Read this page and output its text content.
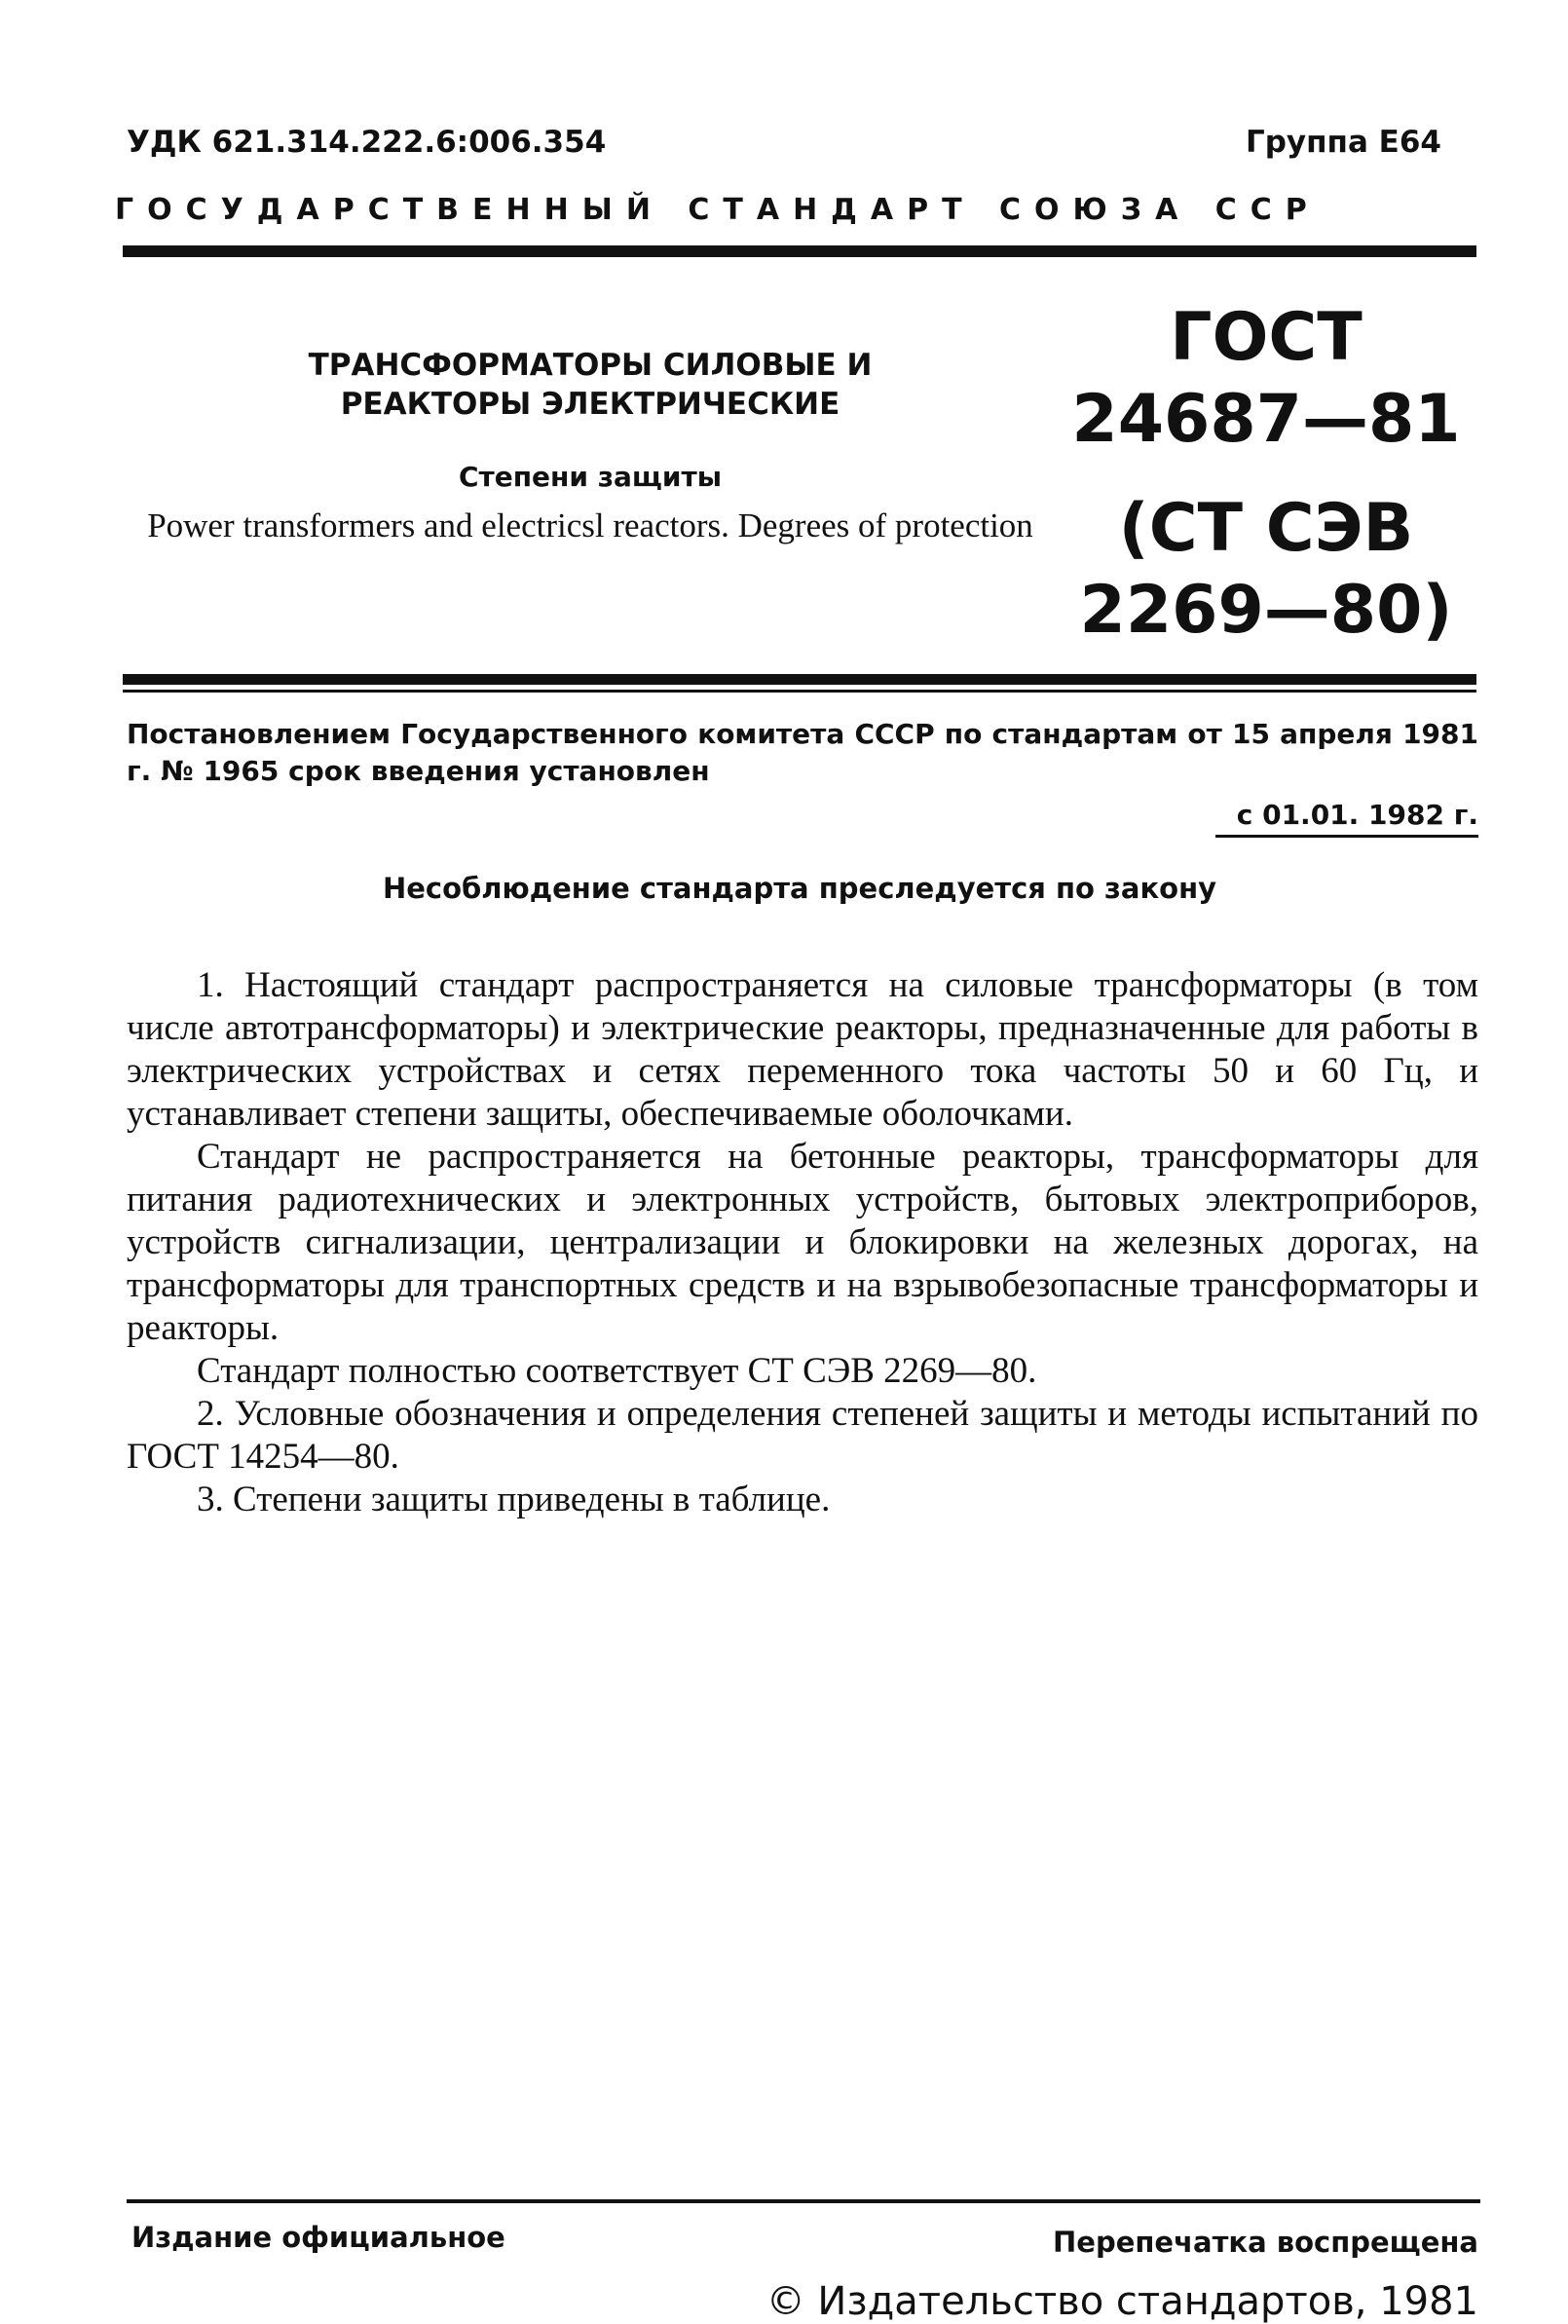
УДК 621.314.222.6:006.354	Группа Е64
ГОСУДАРСТВЕННЫЙ СТАНДАРТ СОЮЗА ССР
ТРАНСФОРМАТОРЫ СИЛОВЫЕ И
РЕАКТОРЫ ЭЛЕКТРИЧЕСКИЕ
Степени защиты
Power transformers and electricsl reactors. Degrees of protection
ГОСТ
24687—81
(СТ СЭВ
2269—80)
Постановлением Государственного комитета СССР по стандартам от 15 апреля 1981 г. № 1965 срок введения установлен
с 01.01. 1982 г.
Несоблюдение стандарта преследуется по закону

1. Настоящий стандарт распространяется на силовые трансформаторы (в том числе автотрансформаторы) и электрические реакторы, предназначенные для работы в электрических устройствах и сетях переменного тока частоты 50 и 60 Гц, и устанавливает степени защиты, обеспечиваемые оболочками.

Стандарт не распространяется на бетонные реакторы, трансформаторы для питания радиотехнических и электронных устройств, бытовых электроприборов, устройств сигнализации, централизации и блокировки на железных дорогах, на трансформаторы для транспортных средств и на взрывобезопасные трансформаторы и реакторы.

Стандарт полностью соответствует СТ СЭВ 2269—80.

2. Условные обозначения и определения степеней защиты и методы испытаний по ГОСТ 14254—80.

3. Степени защиты приведены в таблице.

Издание официальное	Перепечатка воспрещена
© Издательство стандартов, 1981
